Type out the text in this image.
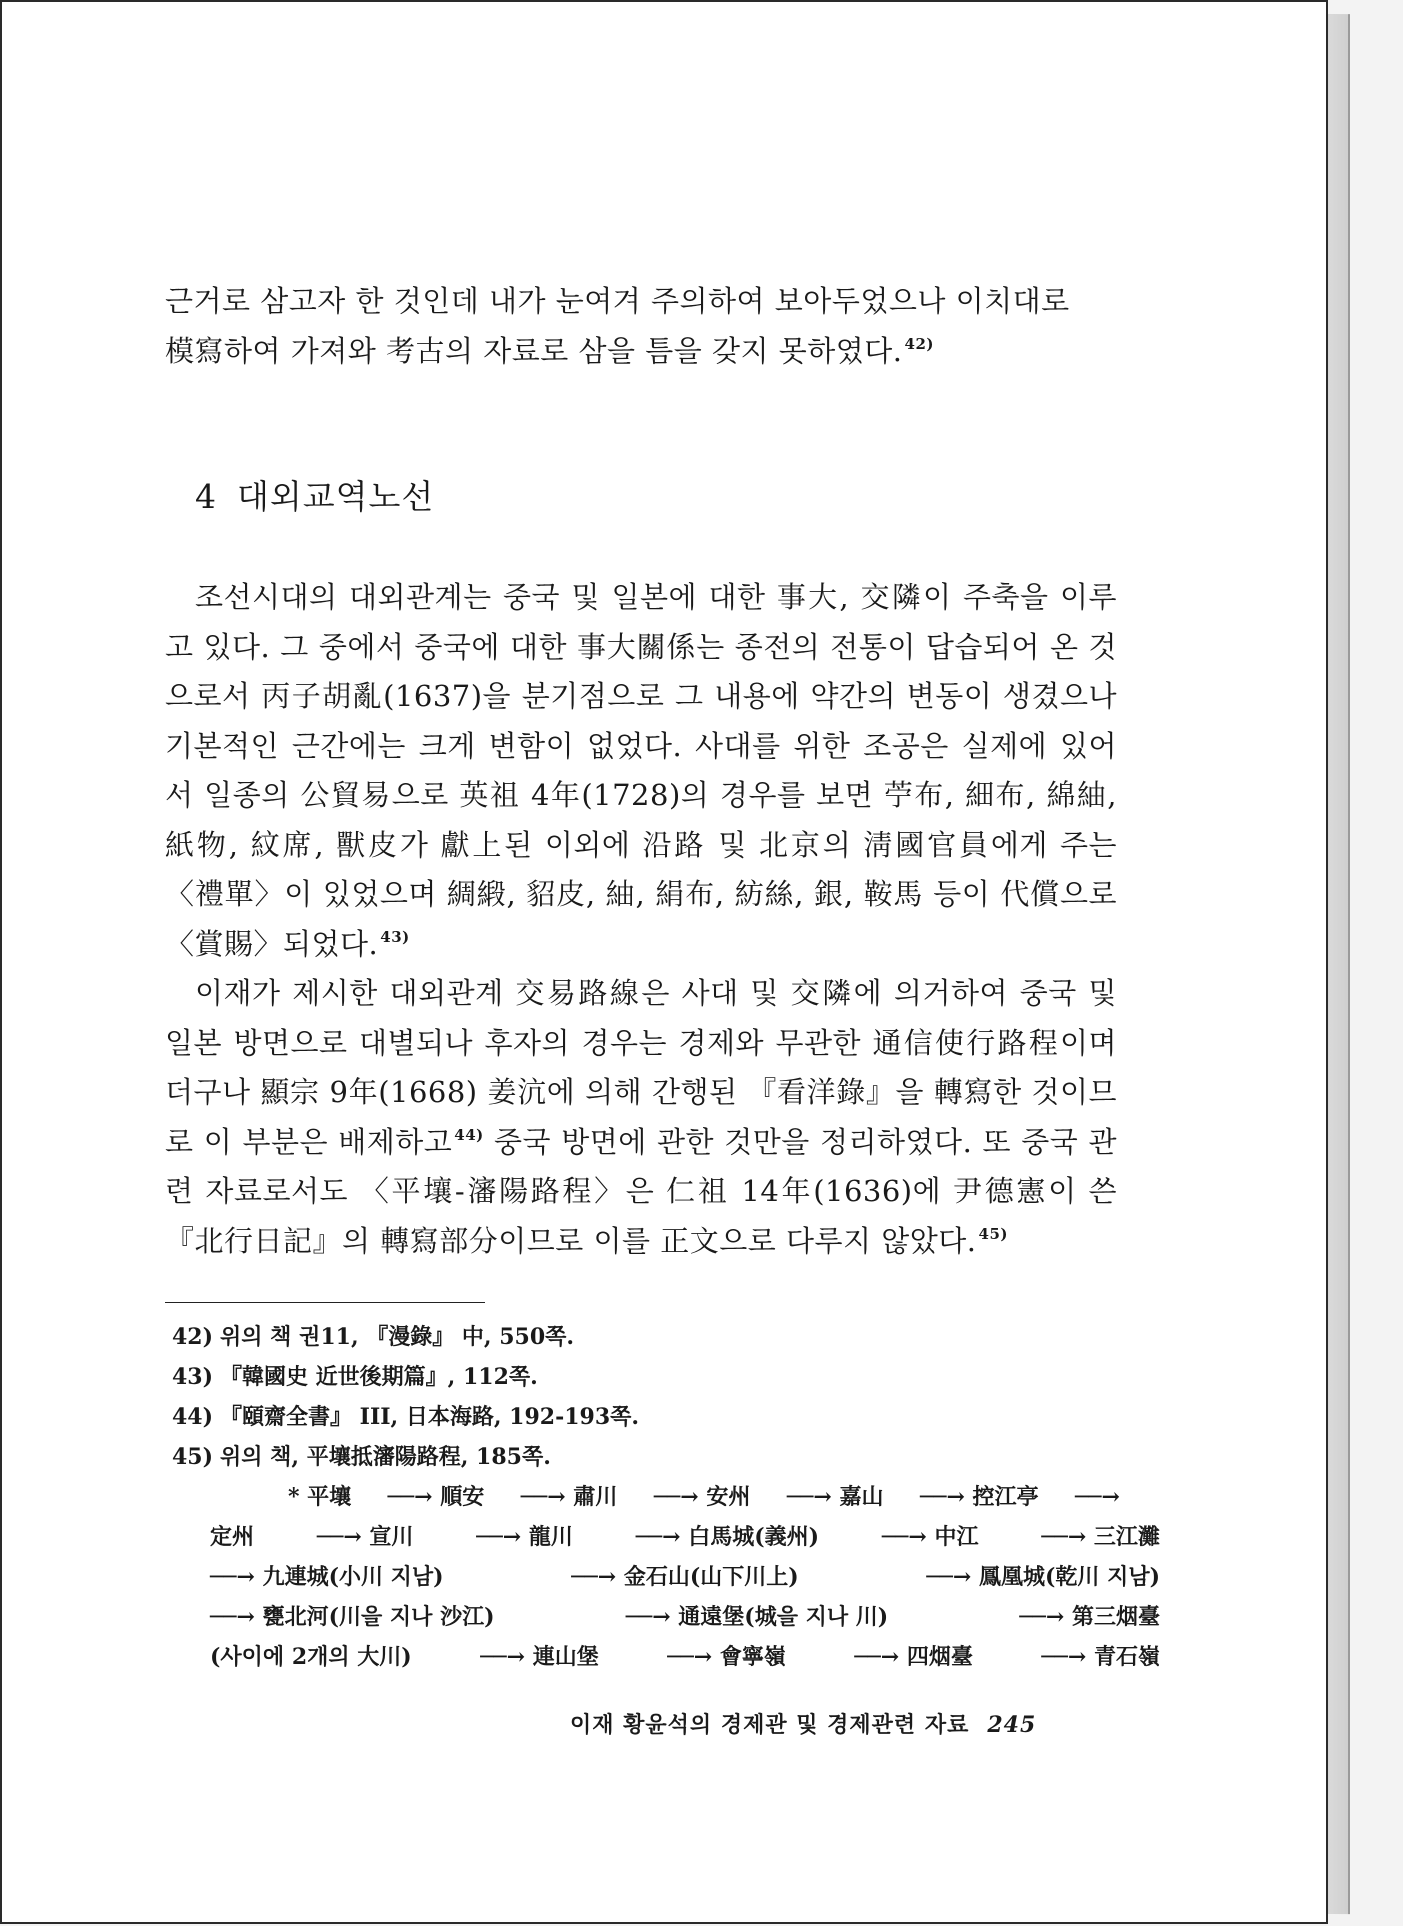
근거로 삼고자 한 것인데 내가 눈여겨 주의하여 보아두었으나 이치대로
模寫하여 가져와 考古의 자료로 삼을 틈을 갖지 못하였다. $^{42)}$
4 대외교역노선

조선시대의 대외관계는 중국 및 일본에 대한 事大, 交隣이 주축을 이루고 있다. 그 중에서 중국에 대한 事大關係는 종전의 전통이 답습되어 온 것으로서 丙子胡亂(1637)을 분기점으로 그 내용에 약간의 변동이 생겼으나 기본적인 근간에는 크게 변함이 없었다. 사대를 위한 조공은 실제에 있어서 일종의 公貿易으로 英祖 4年(1728)의 경우를 보면 苧布, 細布, 綿紬, 紙物, 紋席, 獸皮가 獻上된 이외에 沿路 및 北京의 淸國官員에게 주는 〈禮單〉이 있었으며 綢緞, 貂皮, 紬, 絹布, 紡絲, 銀, 鞍馬 등이 代償으로 〈賞賜〉되었다. $^{43)}$

이재가 제시한 대외관계 交易路線은 사대 및 交隣에 의거하여 중국 및 일본 방면으로 대별되나 후자의 경우는 경제와 무관한 通信使行路程이며 더구나 顯宗 9年(1668) 姜沆에 의해 간행된 『看洋錄』을 轉寫한 것이므로 이 부분은 배제하고 $^{44)}$ 중국 방면에 관한 것만을 정리하였다. 또 중국 관련 자료로서도 〈平壤-瀋陽路程〉은 仁祖 14年(1636)에 尹德憲이 쓴 『北行日記』의 轉寫部分이므로 이를 正文으로 다루지 않았다. $^{45)}$

42) 위의 책 권11, 『漫錄』 中, 550쪽.
43) 『韓國史 近世後期篇』, 112쪽.
44) 『頤齋全書』 III, 日本海路, 192-193쪽.
45) 위의 책, 平壤抵瀋陽路程, 185쪽.
* 平壤 ──→ 順安 ──→ 肅川 ──→ 安州 ──→ 嘉山 ──→ 控江亭 ──→
定州	──→ 宣川	──→ 龍川	──→ 白馬城(義州)	──→ 中江	──→ 三江灘
──→ 九連城(小川 지남)	──→ 金石山(山下川上)	──→ 鳳凰城(乾川 지남)
──→ 甕北河(川을 지나 沙江)	──→ 通遠堡(城을 지나 川)	──→ 第三烟臺
(사이에 2개의 大川)	──→ 連山堡	──→ 會寧嶺	──→ 四烟臺	──→ 青石嶺
이재 황윤석의 경제관 및 경제관련 자료 245
